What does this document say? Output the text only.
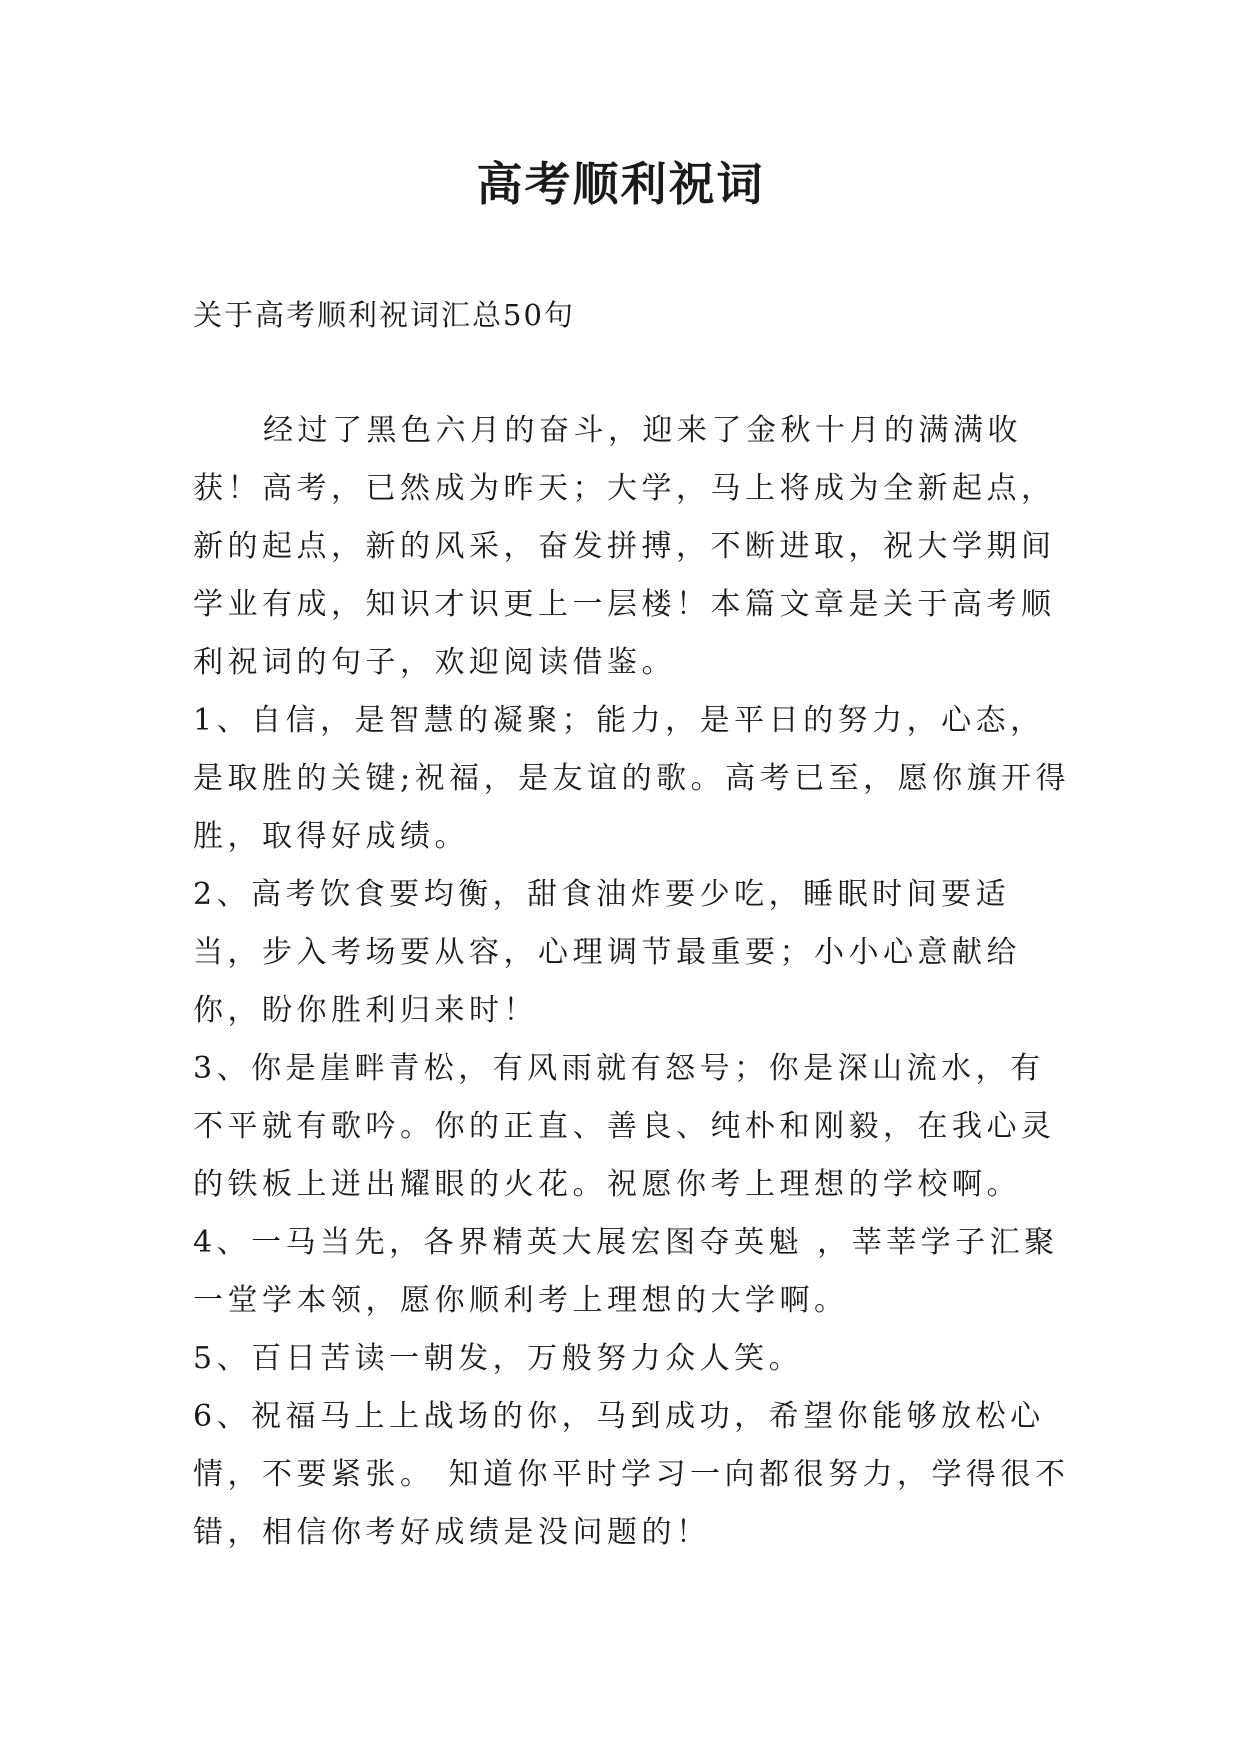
高考顺利祝词
关于高考顺利祝词汇总50句

经过了黑色六月的奋斗，迎来了金秋十月的满满收获！高考，已然成为昨天；大学，马上将成为全新起点，新的起点，新的风采，奋发拼搏，不断进取，祝大学期间学业有成，知识才识更上一层楼！本篇文章是关于高考顺利祝词的句子，欢迎阅读借鉴。

1、自信，是智慧的凝聚；能力，是平日的努力，心态，是取胜的关键;祝福，是友谊的歌。高考已至，愿你旗开得胜，取得好成绩。

2、高考饮食要均衡，甜食油炸要少吃，睡眠时间要适当，步入考场要从容，心理调节最重要；小小心意献给你，盼你胜利归来时！

3、你是崖畔青松，有风雨就有怒号；你是深山流水，有不平就有歌吟。你的正直、善良、纯朴和刚毅，在我心灵的铁板上迸出耀眼的火花。祝愿你考上理想的学校啊。

4、一马当先，各界精英大展宏图夺英魁 ，莘莘学子汇聚一堂学本领，愿你顺利考上理想的大学啊。

5、百日苦读一朝发，万般努力众人笑。

6、祝福马上上战场的你，马到成功，希望你能够放松心情，不要紧张。 知道你平时学习一向都很努力，学得很不错，相信你考好成绩是没问题的！
